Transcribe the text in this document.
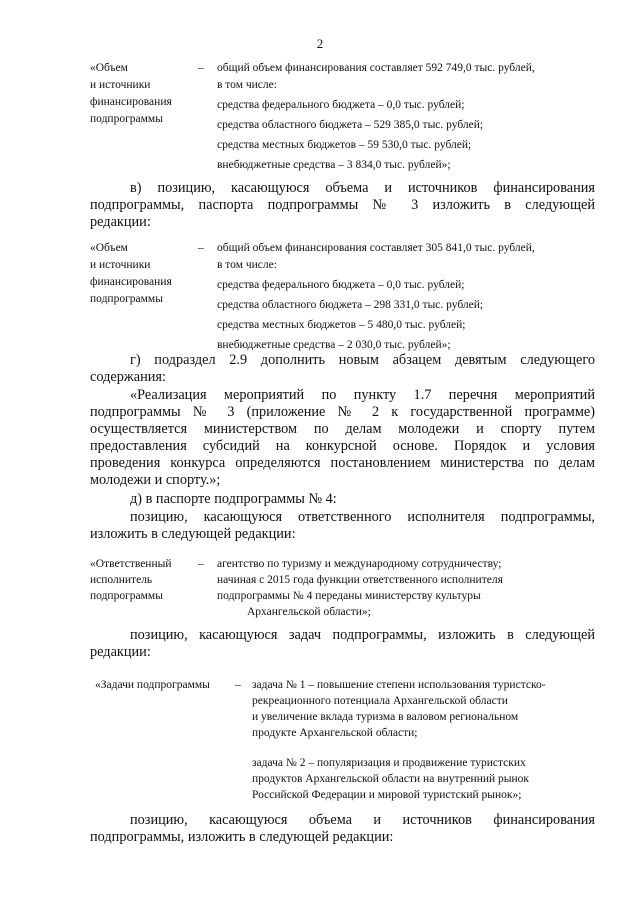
2
«Объем
и источники
финансирования
подпрограммы
– общий объем финансирования составляет 592 749,0 тыс. рублей,
в том числе:
средства федерального бюджета – 0,0 тыс. рублей;
средства областного бюджета – 529 385,0 тыс. рублей;
средства местных бюджетов – 59 530,0 тыс. рублей;
внебюджетные средства – 3 834,0 тыс. рублей»;
в) позицию, касающуюся объема и источников финансирования
подпрограммы, паспорта подпрограммы № 3 изложить в следующей
редакции:
«Объем
и источники
финансирования
подпрограммы
– общий объем финансирования составляет 305 841,0 тыс. рублей,
в том числе:
средства федерального бюджета – 0,0 тыс. рублей;
средства областного бюджета – 298 331,0 тыс. рублей;
средства местных бюджетов – 5 480,0 тыс. рублей;
внебюджетные средства – 2 030,0 тыс. рублей»;
г) подраздел 2.9 дополнить новым абзацем девятым следующего
содержания:
«Реализация мероприятий по пункту 1.7 перечня мероприятий
подпрограммы № 3 (приложение № 2 к государственной программе)
осуществляется министерством по делам молодежи и спорту путем
предоставления субсидий на конкурсной основе. Порядок и условия
проведения конкурса определяются постановлением министерства по делам
молодежи и спорту.»;
д) в паспорте подпрограммы № 4:
позицию, касающуюся ответственного исполнителя подпрограммы,
изложить в следующей редакции:
«Ответственный
исполнитель
подпрограммы
– агентство по туризму и международному сотрудничеству;
начиная с 2015 года функции ответственного исполнителя
подпрограммы № 4 переданы министерству культуры
Архангельской области»;
позицию, касающуюся задач подпрограммы, изложить в следующей
редакции:
«Задачи подпрограммы	– задача № 1 – повышение степени использования туристско-
рекреационного потенциала Архангельской области
и увеличение вклада туризма в валовом региональном
продукте Архангельской области;
задача № 2 – популяризация и продвижение туристских
продуктов Архангельской области на внутренний рынок
Российской Федерации и мировой туристский рынок»;
позицию, касающуюся объема и источников финансирования
подпрограммы, изложить в следующей редакции:
